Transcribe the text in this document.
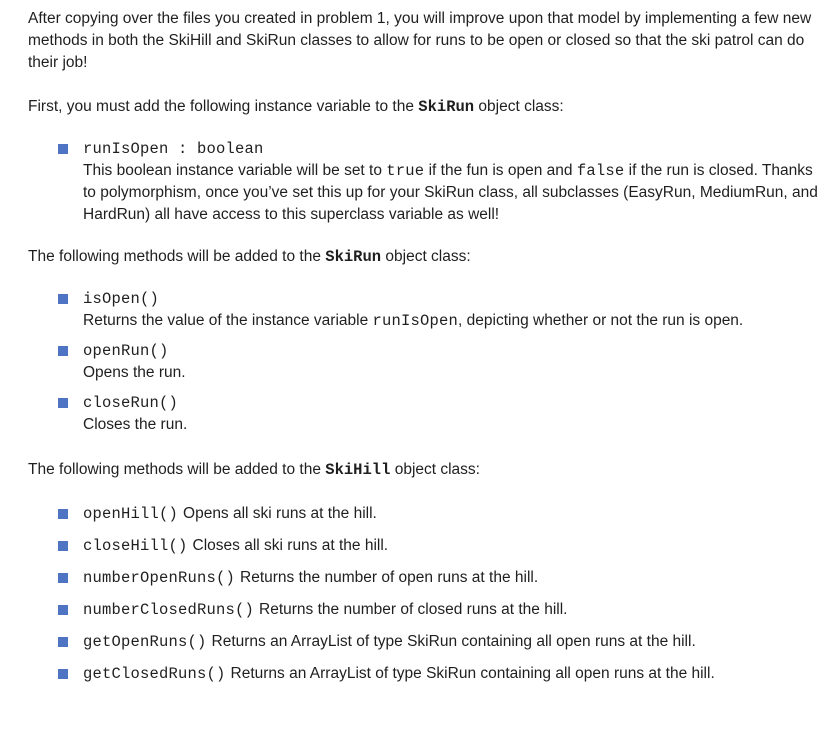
After copying over the files you created in problem 1, you will improve upon that model by implementing a few new methods in both the SkiHill and SkiRun classes to allow for runs to be open or closed so that the ski patrol can do their job!

First, you must add the following instance variable to the SkiRun object class:

runIsOpen : boolean

This boolean instance variable will be set to true if the fun is open and false if the run is closed. Thanks to polymorphism, once you’ve set this up for your SkiRun class, all subclasses (EasyRun, MediumRun, and HardRun) all have access to this superclass variable as well!

The following methods will be added to the SkiRun object class:

isOpen()

Returns the value of the instance variable runIsOpen, depicting whether or not the run is open.

openRun()

Opens the run.

closeRun()

Closes the run.

The following methods will be added to the SkiHill object class:

openHill() Opens all ski runs at the hill.
closeHill() Closes all ski runs at the hill.
numberOpenRuns() Returns the number of open runs at the hill.
numberClosedRuns() Returns the number of closed runs at the hill.
getOpenRuns() Returns an ArrayList of type SkiRun containing all open runs at the hill.
getClosedRuns() Returns an ArrayList of type SkiRun containing all open runs at the hill.
